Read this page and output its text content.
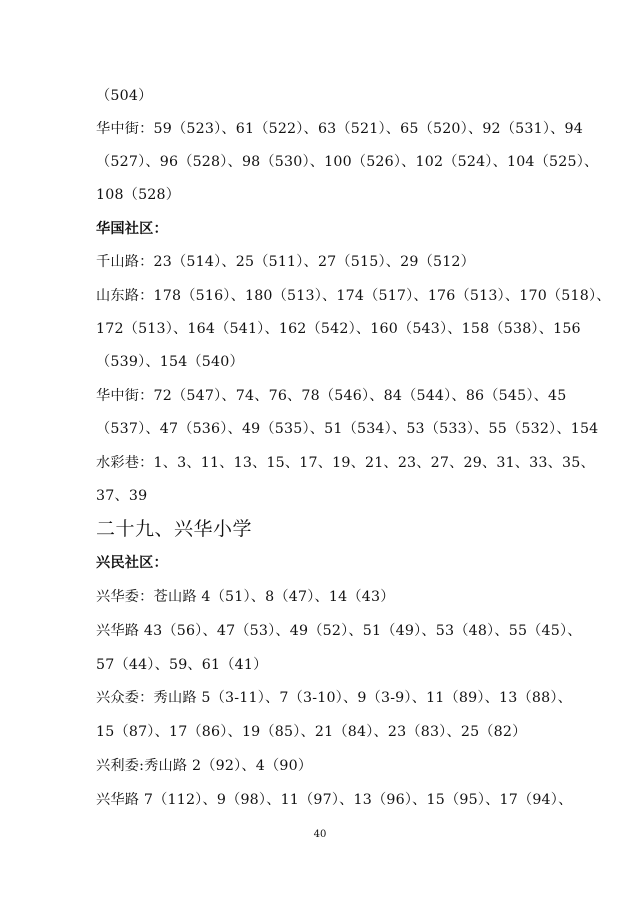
（504）
华中街：59（523）、61（522）、63（521）、65（520）、92（531）、94
（527）、96（528）、98（530）、100（526）、102（524）、104（525）、
108（528）
华国社区：
千山路：23（514）、25（511）、27（515）、29（512）
山东路：178（516）、180（513）、174（517）、176（513）、170（518）、
172（513）、164（541）、162（542）、160（543）、158（538）、156
（539）、154（540）
华中街：72（547）、74、76、78（546）、84（544）、86（545）、45
（537）、47（536）、49（535）、51（534）、53（533）、55（532）、154
水彩巷：1、3、11、13、15、17、19、21、23、27、29、31、33、35、
37、39
二十九、兴华小学
兴民社区：
兴华委：苍山路 4（51）、8（47）、14（43）
兴华路 43（56）、47（53）、49（52）、51（49）、53（48）、55（45）、
57（44）、59、61（41）
兴众委：秀山路 5（3-11）、7（3-10）、9（3-9）、11（89）、13（88）、
15（87）、17（86）、19（85）、21（84）、23（83）、25（82）
兴利委:秀山路 2（92）、4（90）
兴华路 7（112）、9（98）、11（97）、13（96）、15（95）、17（94）、
40
